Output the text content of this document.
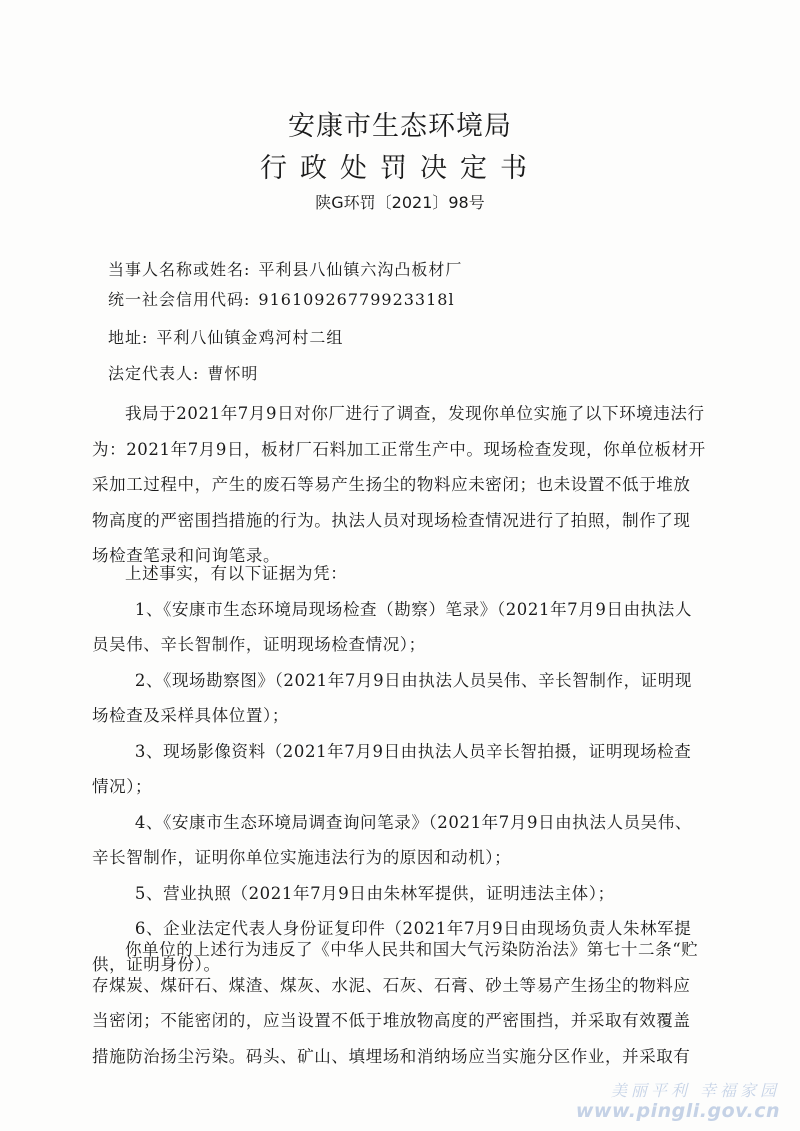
安康市生态环境局
行政处罚决定书
陕G环罚〔2021〕98号
当事人名称或姓名: 平利县八仙镇六沟凸板材厂
统一社会信用代码: 91610926779923318l
地址: 平利八仙镇金鸡河村二组
法定代表人: 曹怀明

我局于2021年7月9日对你厂进行了调查，发现你单位实施了以下环境违法行为：2021年7月9日，板材厂石料加工正常生产中。现场检查发现，你单位板材开采加工过程中，产生的废石等易产生扬尘的物料应未密闭；也未设置不低于堆放物高度的严密围挡措施的行为。执法人员对现场检查情况进行了拍照，制作了现场检查笔录和问询笔录。

上述事实，有以下证据为凭：

1、《安康市生态环境局现场检查（勘察）笔录》（2021年7月9日由执法人员吴伟、辛长智制作，证明现场检查情况）；

2、《现场勘察图》（2021年7月9日由执法人员吴伟、辛长智制作，证明现场检查及采样具体位置）；

3、现场影像资料（2021年7月9日由执法人员辛长智拍摄，证明现场检查情况）；

4、《安康市生态环境局调查询问笔录》（2021年7月9日由执法人员吴伟、辛长智制作，证明你单位实施违法行为的原因和动机）；

5、营业执照（2021年7月9日由朱林军提供，证明违法主体）；

6、企业法定代表人身份证复印件（2021年7月9日由现场负责人朱林军提供，证明身份）。

你单位的上述行为违反了《中华人民共和国大气污染防治法》第七十二条“贮存煤炭、煤矸石、煤渣、煤灰、水泥、石灰、石膏、砂土等易产生扬尘的物料应当密闭；不能密闭的，应当设置不低于堆放物高度的严密围挡，并采取有效覆盖措施防治扬尘污染。码头、矿山、填埋场和消纳场应当实施分区作业，并采取有

美丽平利 幸福家园
www.pingli.gov.cn
